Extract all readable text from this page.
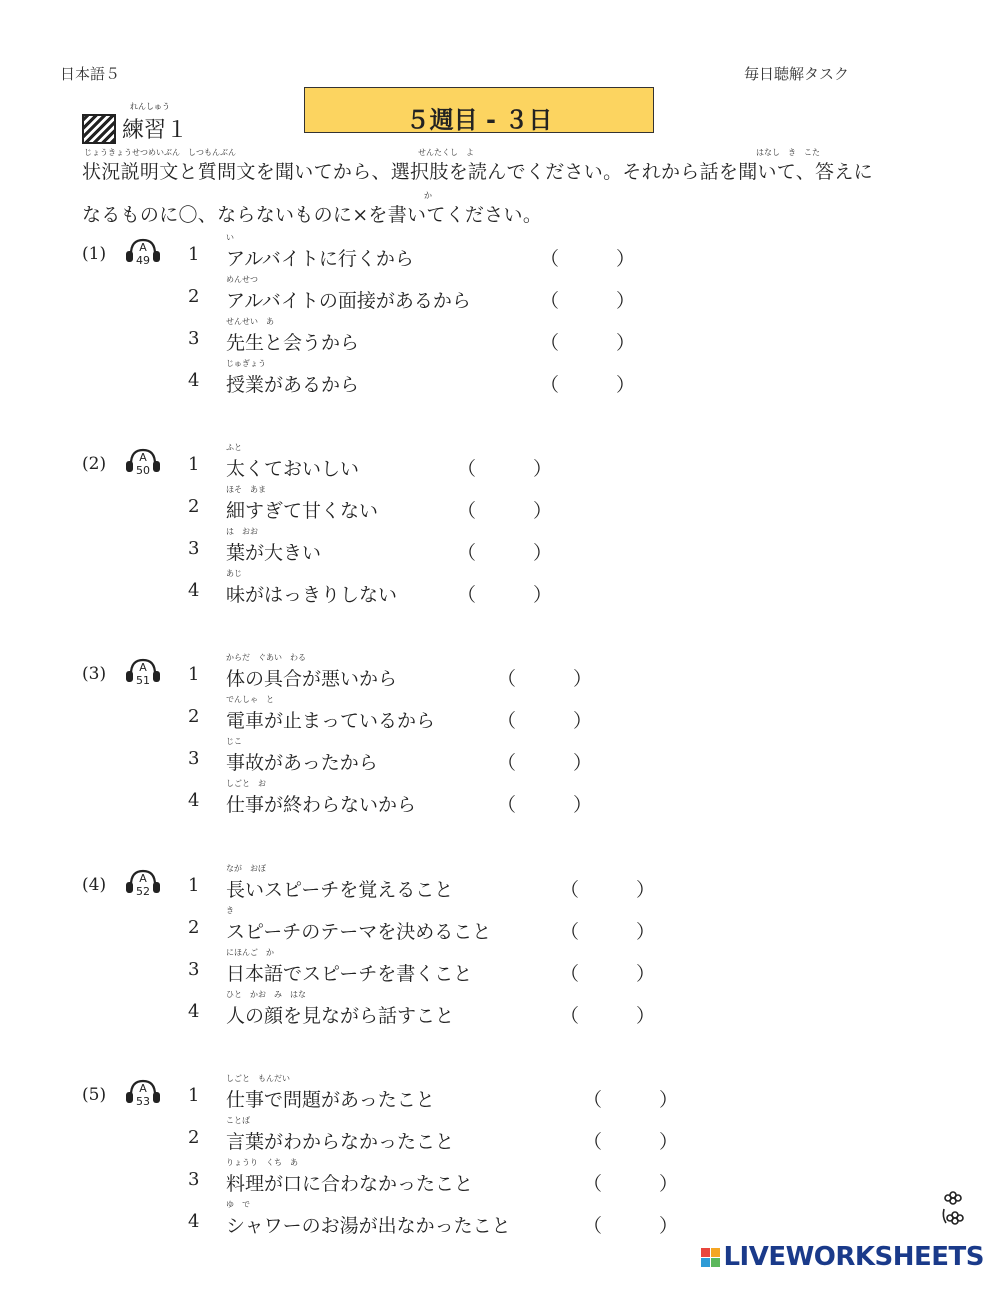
日本語５	毎日聴解タスク
れんしゅう
練習１	５週目 - ３日
じょうきょうせつめいぶん　しつもんぶん	せんたくし　よ	はなし　き　こた
状況説明文と質問文を聞いてから、選択肢を読んでください。それから話を聞いて、答えに
か
なるものに〇、ならないものに×を書いてください。
(1)	A
49
い
1 アルバイトに行くから	（　　　）
めんせつ
2 アルバイトの面接があるから	（　　　）
せんせい　あ
3 先生と会うから	（　　　）
じゅぎょう
4 授業があるから	（　　　）
(2)	A
50
ふと
1 太くておいしい	（　　　）
ほそ　あま
2 細すぎて甘くない	（　　　）
は　おお
3 葉が大きい	（　　　）
あじ
4 味がはっきりしない	（　　　）
(3)	A
51
からだ　ぐあい　わる
1 体の具合が悪いから	（　　　）
でんしゃ　と
2 電車が止まっているから	（　　　）
じこ
3 事故があったから	（　　　）
しごと　お
4 仕事が終わらないから	（　　　）
(4)	A
52
なが　おぼ
1 長いスピーチを覚えること	（　　　）
き
2 スピーチのテーマを決めること	（　　　）
にほんご　か
3 日本語でスピーチを書くこと	（　　　）
ひと　かお　み　はな
4 人の顔を見ながら話すこと	（　　　）
(5)	A
53
しごと　もんだい
1 仕事で問題があったこと	（　　　）
ことば
2 言葉がわからなかったこと	（　　　）
りょうり　くち　あ
3 料理が口に合わなかったこと	（　　　）
ゆ　で
4 シャワーのお湯が出なかったこと	（　　　）
LIVEWORKSHEETS
